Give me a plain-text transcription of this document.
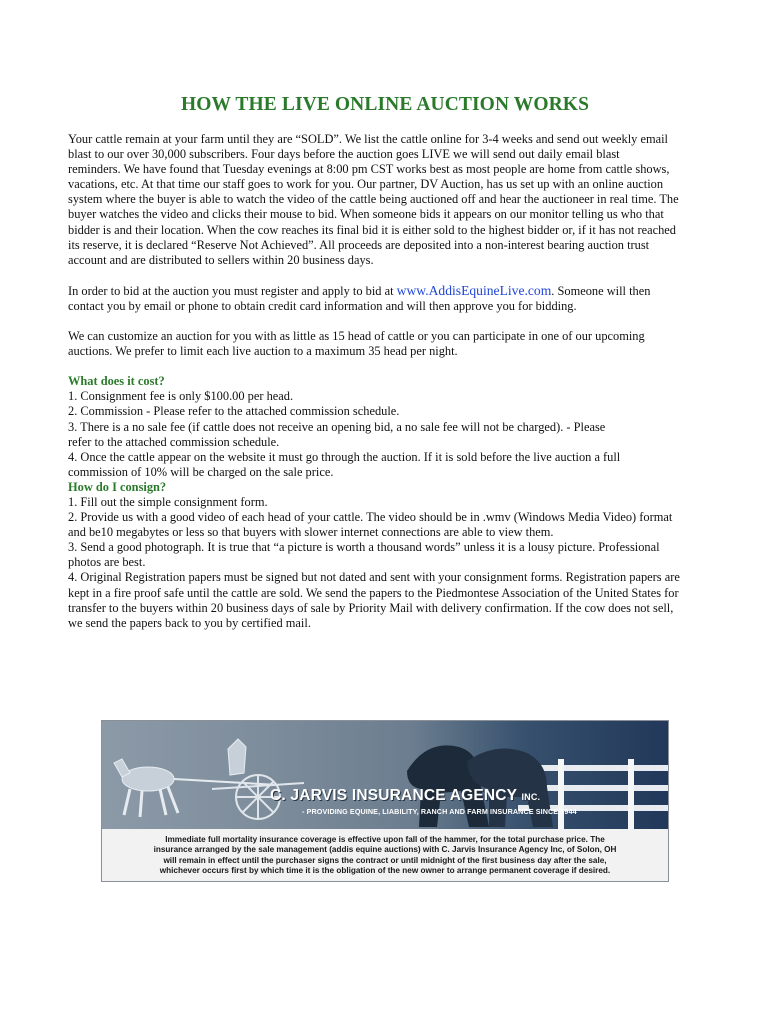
HOW THE LIVE ONLINE AUCTION WORKS

Your cattle remain at your farm until they are “SOLD”. We list the cattle online for 3-4 weeks and send out weekly email

blast to our over 30,000 subscribers. Four days before the auction goes LIVE we will send out daily email blast

reminders. We have found that Tuesday evenings at 8:00 pm CST works best as most people are home from cattle shows,

vacations, etc. At that time our staff goes to work for you. Our partner, DV Auction, has us set up with an online auction

system where the buyer is able to watch the video of the cattle being auctioned off and hear the auctioneer in real time. The

buyer watches the video and clicks their mouse to bid. When someone bids it appears on our monitor telling us who that

bidder is and their location. When the cow reaches its final bid it is either sold to the highest bidder or, if it has not reached

its reserve, it is declared “Reserve Not Achieved”. All proceeds are deposited into a non-interest bearing auction trust

account and are distributed to sellers within 20 business days.

In order to bid at the auction you must register and apply to bid at www.AddisEquineLive.com. Someone will then

contact you by email or phone to obtain credit card information and will then approve you for bidding.

We can customize an auction for you with as little as 15 head of cattle or you can participate in one of our upcoming

auctions. We prefer to limit each live auction to a maximum 35 head per night.

What does it cost?

1. Consignment fee is only $100.00 per head.

2. Commission - Please refer to the attached commission schedule.

3. There is a no sale fee (if cattle does not receive an opening bid, a no sale fee will not be charged). - Please

refer to the attached commission schedule.

4. Once the cattle appear on the website it must go through the auction. If it is sold before the live auction a full

commission of 10% will be charged on the sale price.

How do I consign?

1. Fill out the simple consignment form.

2. Provide us with a good video of each head of your cattle. The video should be in .wmv (Windows Media Video) format

and be10 megabytes or less so that buyers with slower internet connections are able to view them.

3. Send a good photograph. It is true that “a picture is worth a thousand words” unless it is a lousy picture. Professional

photos are best.

4. Original Registration papers must be signed but not dated and sent with your consignment forms. Registration papers are

kept in a fire proof safe until the cattle are sold. We send the papers to the Piedmontese Association of the United States for

transfer to the buyers within 20 business days of sale by Priority Mail with delivery confirmation. If the cow does not sell,

we send the papers back to you by certified mail.

C. JARVIS INSURANCE AGENCY INC.
- PROVIDING EQUINE, LIABILITY, RANCH AND FARM INSURANCE SINCE 1944
Immediate full mortality insurance coverage is effective upon fall of the hammer, for the total purchase price. The
insurance arranged by the sale management (addis equine auctions) with C. Jarvis Insurance Agency Inc, of Solon, OH
will remain in effect until the purchaser signs the contract or until midnight of the first business day after the sale,
whichever occurs first by which time it is the obligation of the new owner to arrange permanent coverage if desired.
